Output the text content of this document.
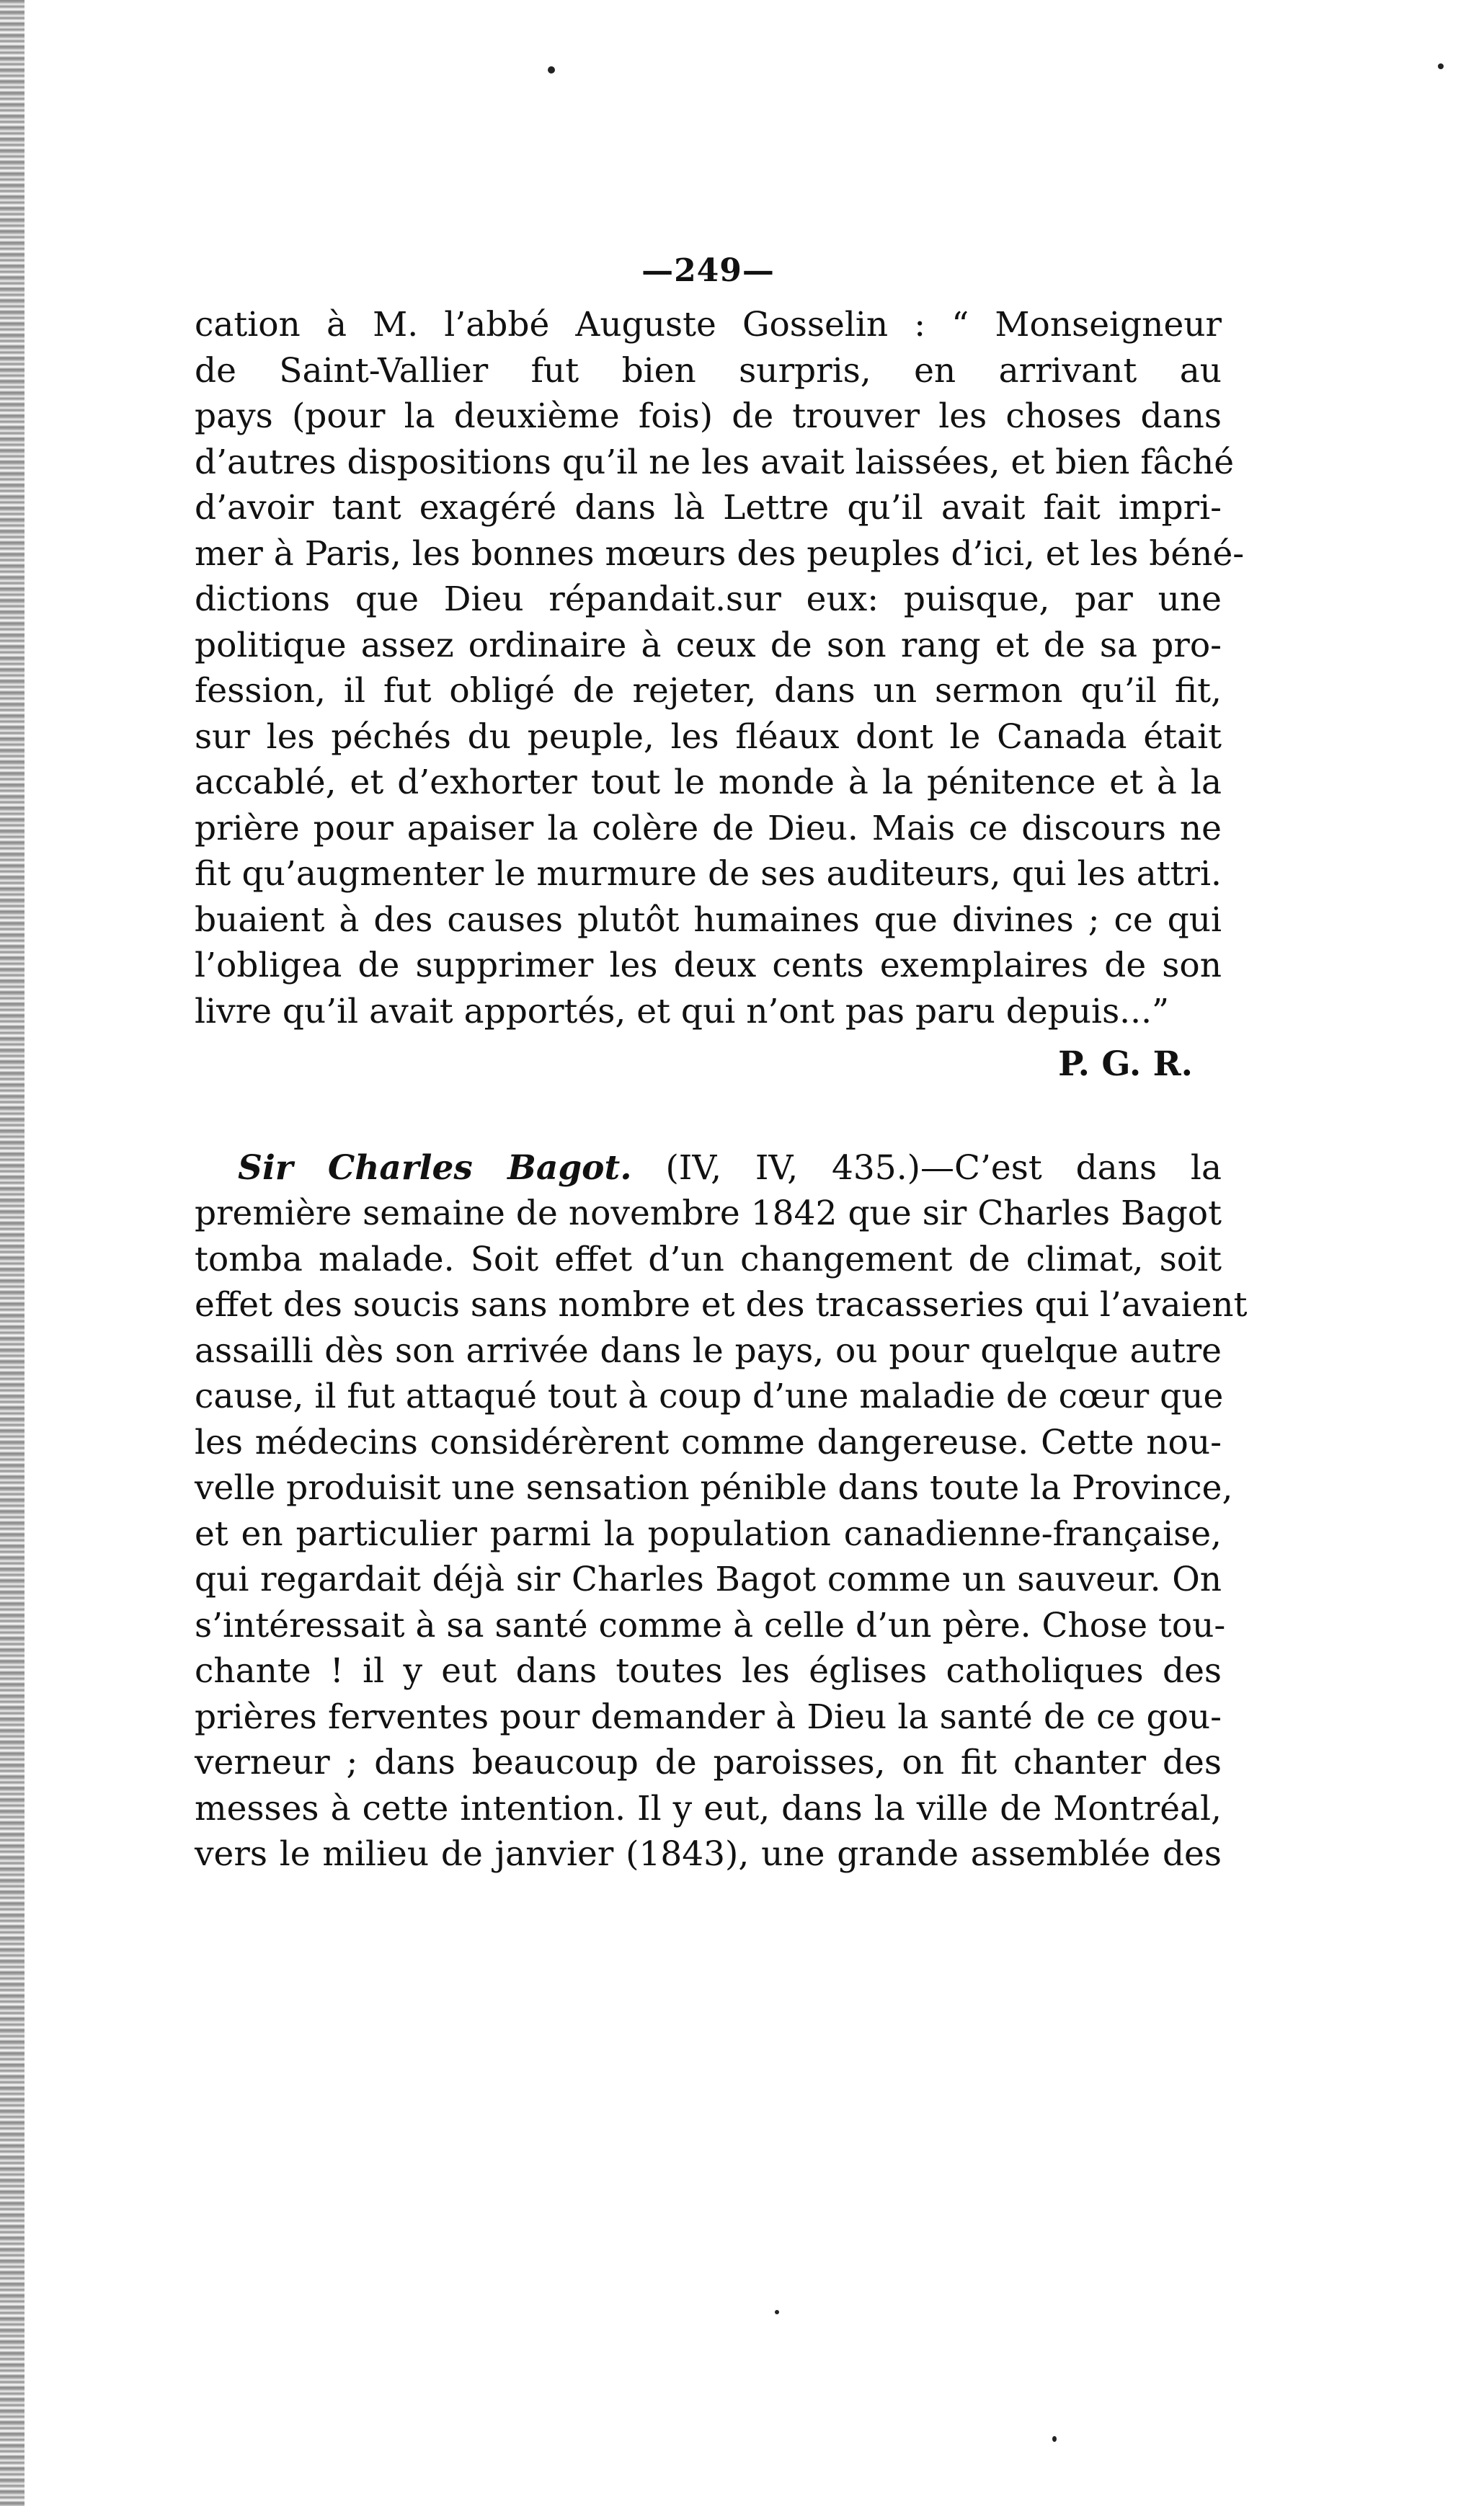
—249—
cation à M. l’abbé Auguste Gosselin : “ Monseigneur
de Saint-Vallier fut bien surpris, en arrivant au
pays (pour la deuxième fois) de trouver les choses dans
d’autres dispositions qu’il ne les avait laissées, et bien fâché
d’avoir tant exagéré dans là Lettre qu’il avait fait impri-
mer à Paris, les bonnes mœurs des peuples d’ici, et les béné-
dictions que Dieu répandait.sur eux: puisque, par une
politique assez ordinaire à ceux de son rang et de sa pro-
fession, il fut obligé de rejeter, dans un sermon qu’il fit,
sur les péchés du peuple, les fléaux dont le Canada était
accablé, et d’exhorter tout le monde à la pénitence et à la
prière pour apaiser la colère de Dieu. Mais ce discours ne
fit qu’augmenter le murmure de ses auditeurs, qui les attri.
buaient à des causes plutôt humaines que divines ; ce qui
l’obligea de supprimer les deux cents exemplaires de son
livre qu’il avait apportés, et qui n’ont pas paru depuis...”
P. G. R.
Sir Charles Bagot. (IV, IV, 435.)—C’est dans la
première semaine de novembre 1842 que sir Charles Bagot
tomba malade. Soit effet d’un changement de climat, soit
effet des soucis sans nombre et des tracasseries qui l’avaient
assailli dès son arrivée dans le pays, ou pour quelque autre
cause, il fut attaqué tout à coup d’une maladie de cœur que
les médecins considérèrent comme dangereuse. Cette nou-
velle produisit une sensation pénible dans toute la Province,
et en particulier parmi la population canadienne-française,
qui regardait déjà sir Charles Bagot comme un sauveur. On
s’intéressait à sa santé comme à celle d’un père. Chose tou-
chante ! il y eut dans toutes les églises catholiques des
prières ferventes pour demander à Dieu la santé de ce gou-
verneur ; dans beaucoup de paroisses, on fit chanter des
messes à cette intention. Il y eut, dans la ville de Montréal,
vers le milieu de janvier (1843), une grande assemblée des
